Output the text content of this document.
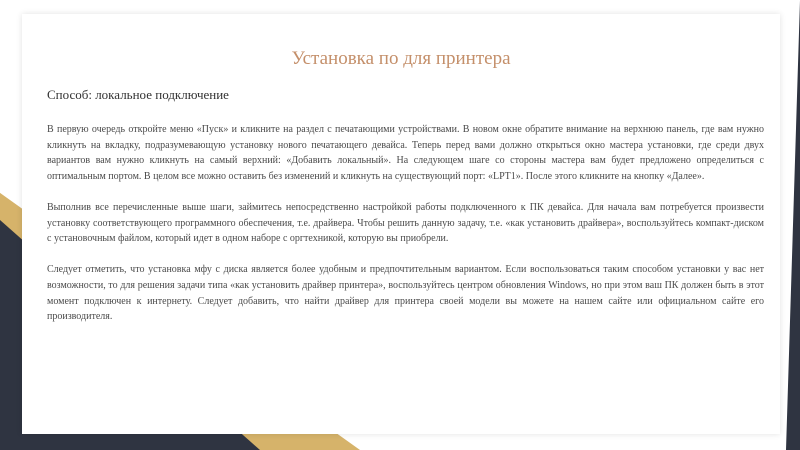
Установка по для принтера
Способ: локальное подключение

В первую очередь откройте меню «Пуск» и кликните на раздел с печатающими устройствами. В новом окне обратите внимание на верхнюю панель, где вам нужно кликнуть на вкладку, подразумевающую установку нового печатающего девайса. Теперь перед вами должно открыться окно мастера установки, где среди двух вариантов вам нужно кликнуть на самый верхний: «Добавить локальный». На следующем шаге со стороны мастера вам будет предложено определиться с оптимальным портом. В целом все можно оставить без изменений и кликнуть на существующий порт: «LPT1». После этого кликните на кнопку «Далее».

Выполнив все перечисленные выше шаги, займитесь непосредственно настройкой работы подключенного к ПК девайса. Для начала вам потребуется произвести установку соответствующего программного обеспечения, т.е. драйвера. Чтобы решить данную задачу, т.е. «как установить драйвера», воспользуйтесь компакт-диском с установочным файлом, который идет в одном наборе с оргтехникой, которую вы приобрели.

Следует отметить, что установка мфу с диска является более удобным и предпочтительным вариантом. Если воспользоваться таким способом установки у вас нет возможности, то для решения задачи типа «как установить драйвер принтера», воспользуйтесь центром обновления Windows, но при этом ваш ПК должен быть в этот момент подключен к интернету. Следует добавить, что найти драйвер для принтера своей модели вы можете на нашем сайте или официальном сайте его производителя.
